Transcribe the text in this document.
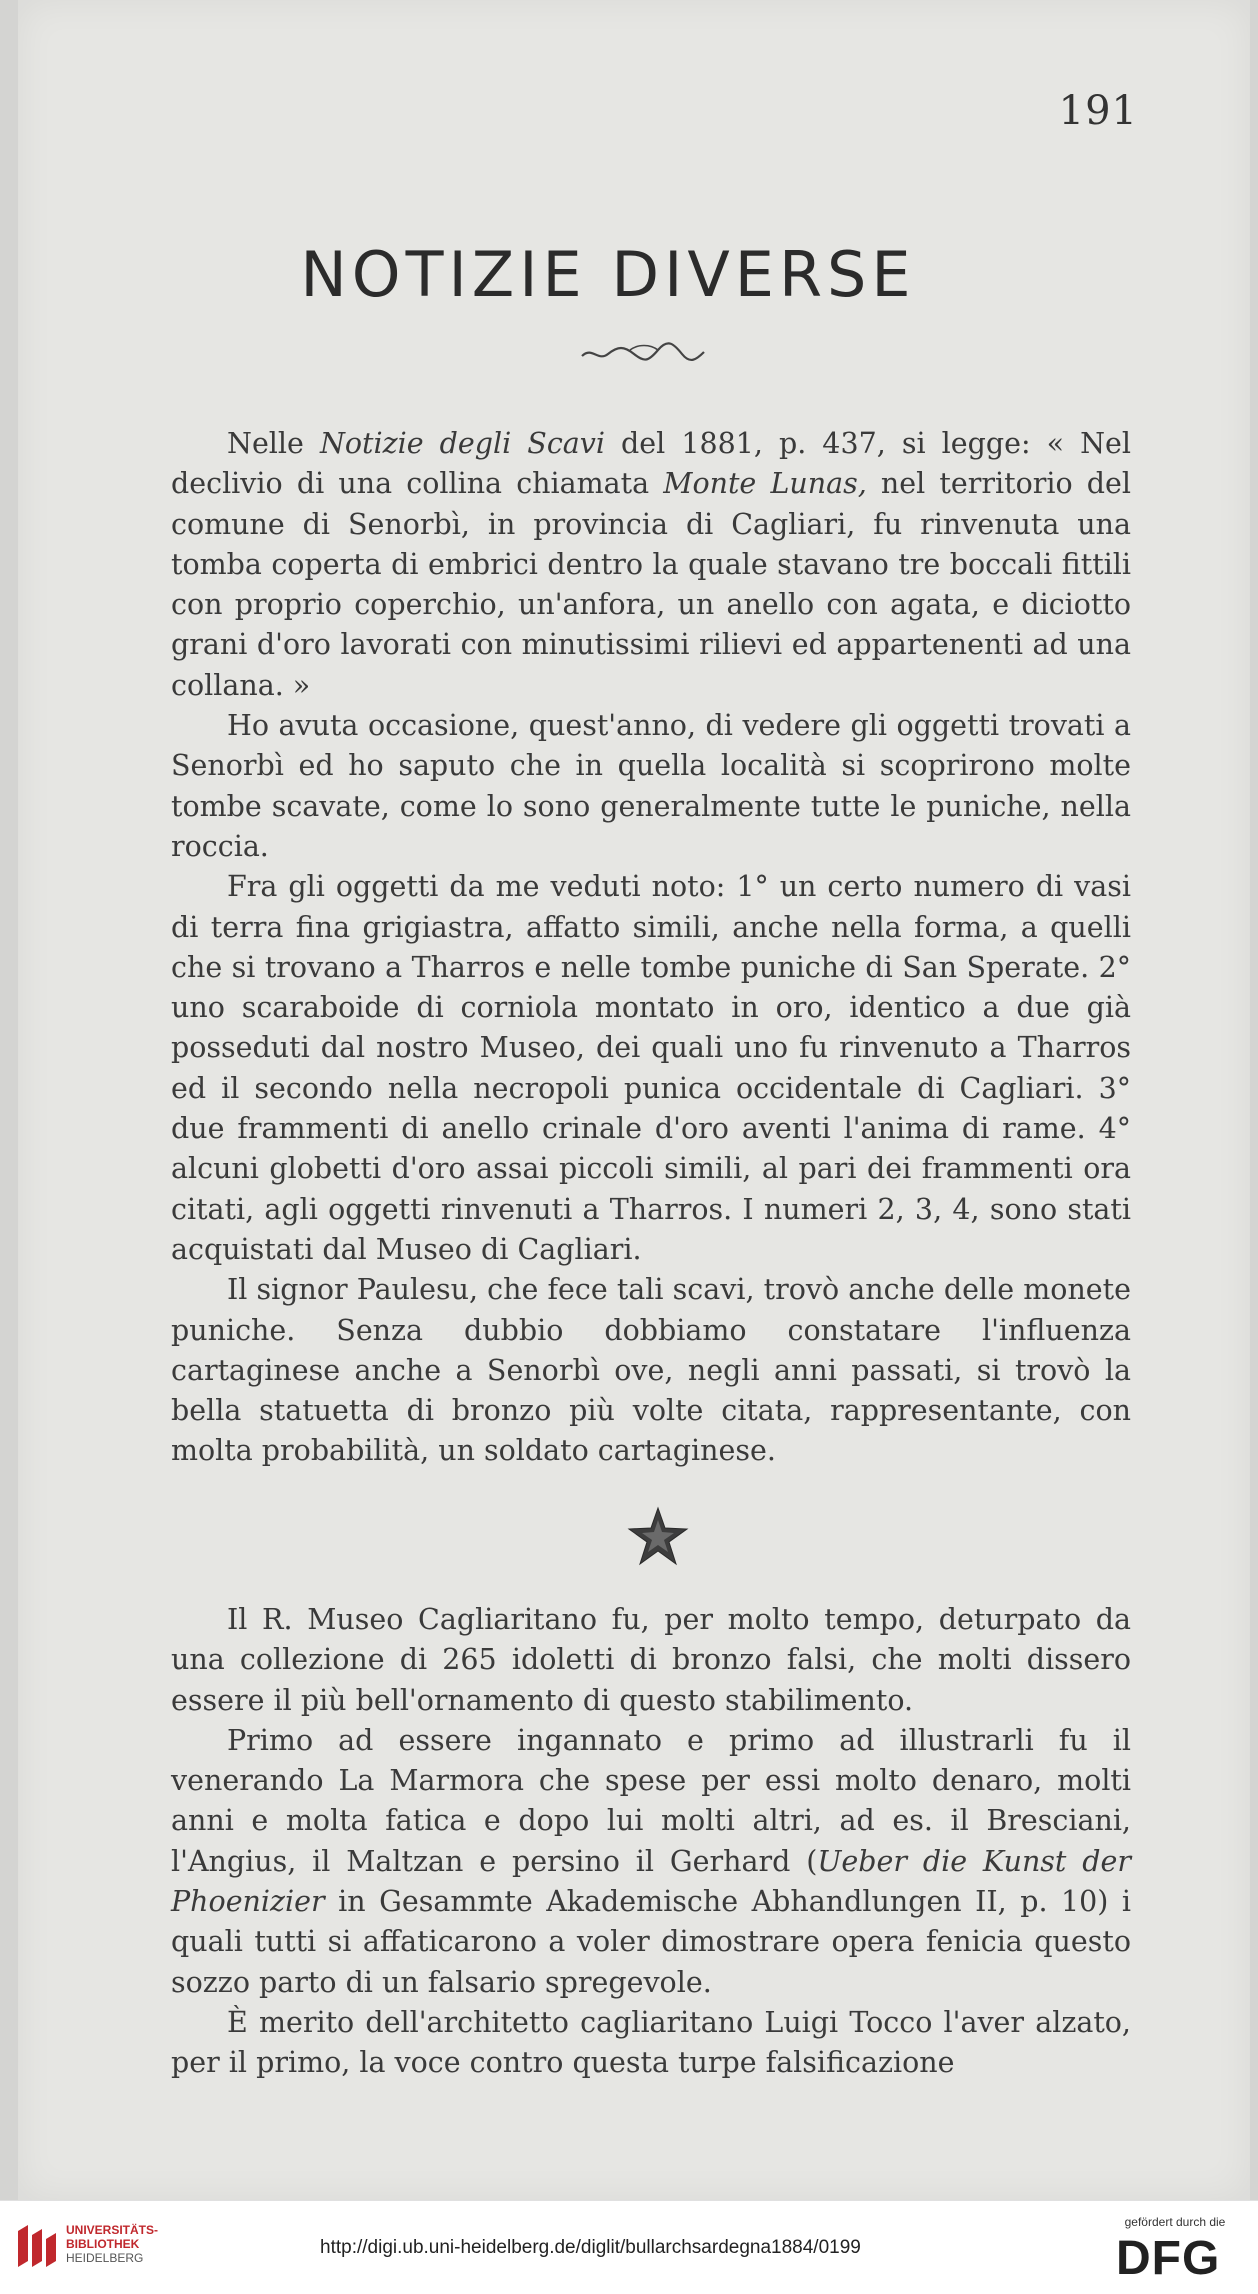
191
NOTIZIE DIVERSE

Nelle Notizie degli Scavi del 1881, p. 437, si legge: « Nel declivio di una collina chiamata Monte Lunas, nel territorio del comune di Senorbì, in provincia di Cagliari, fu rinvenuta una tomba coperta di embrici dentro la quale stavano tre boccali fittili con proprio coperchio, un'anfora, un anello con agata, e diciotto grani d'oro lavorati con minutissimi rilievi ed appartenenti ad una collana. »

Ho avuta occasione, quest'anno, di vedere gli oggetti trovati a Senorbì ed ho saputo che in quella località si scoprirono molte tombe scavate, come lo sono generalmente tutte le puniche, nella roccia.

Fra gli oggetti da me veduti noto: 1° un certo numero di vasi di terra fina grigiastra, affatto simili, anche nella forma, a quelli che si trovano a Tharros e nelle tombe puniche di San Sperate. 2° uno scaraboide di corniola montato in oro, identico a due già posseduti dal nostro Museo, dei quali uno fu rinvenuto a Tharros ed il secondo nella necropoli punica occidentale di Cagliari. 3° due frammenti di anello crinale d'oro aventi l'anima di rame. 4° alcuni globetti d'oro assai piccoli simili, al pari dei frammenti ora citati, agli oggetti rinvenuti a Tharros. I numeri 2, 3, 4, sono stati acquistati dal Museo di Cagliari.

Il signor Paulesu, che fece tali scavi, trovò anche delle monete puniche. Senza dubbio dobbiamo constatare l'influenza cartaginese anche a Senorbì ove, negli anni passati, si trovò la bella statuetta di bronzo più volte citata, rappresentante, con molta probabilità, un soldato cartaginese.

Il R. Museo Cagliaritano fu, per molto tempo, deturpato da una collezione di 265 idoletti di bronzo falsi, che molti dissero essere il più bell'ornamento di questo stabilimento.

Primo ad essere ingannato e primo ad illustrarli fu il venerando La Marmora che spese per essi molto denaro, molti anni e molta fatica e dopo lui molti altri, ad es. il Bresciani, l'Angius, il Maltzan e persino il Gerhard (Ueber die Kunst der Phoenizier in Gesammte Akademische Abhandlungen II, p. 10) i quali tutti si affaticarono a voler dimostrare opera fenicia questo sozzo parto di un falsario spregevole.

È merito dell'architetto cagliaritano Luigi Tocco l'aver alzato, per il primo, la voce contro questa turpe falsificazione

UNIVERSITÄTS-
BIBLIOTHEK
HEIDELBERG	http://digi.ub.uni-heidelberg.de/diglit/bullarchsardegna1884/0199
gefördert durch die
DFG
